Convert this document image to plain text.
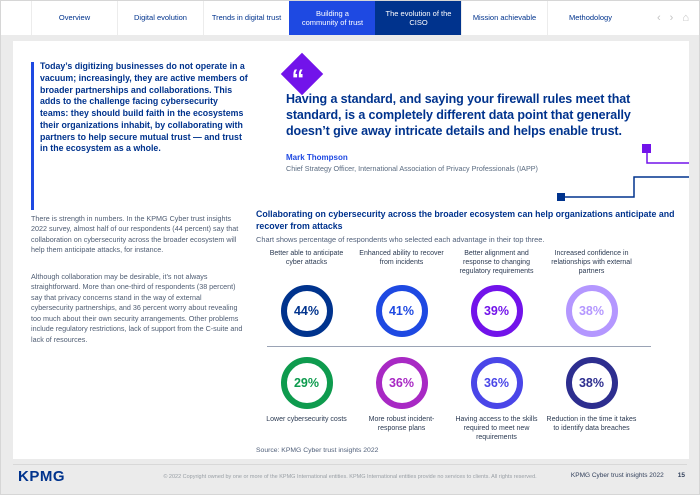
Overview	Digital evolution	Trends in digital trust
Building a community of trust
The evolution of the CISO
Mission achievable	Methodology	‹ › ⌂
Today’s digitizing businesses do not operate in a vacuum; increasingly, they are active members of broader partnerships and collaborations. This adds to the challenge facing cybersecurity teams: they should build faith in the ecosystems their organizations inhabit, by collaborating with partners to help secure mutual trust — and trust in the ecosystem as a whole.
There is strength in numbers. In the KPMG Cyber trust insights 2022 survey, almost half of our respondents (44 percent) say that collaboration on cybersecurity across the broader ecosystem will help them anticipate attacks, for instance.
Although collaboration may be desirable, it’s not always straightforward. More than one-third of respondents (38 percent) say that privacy concerns stand in the way of external cybersecurity partnerships, and 36 percent worry about revealing too much about their own security arrangements. Other problems include regulatory restrictions, lack of support from the C-suite and lack of resources.
“
Having a standard, and saying your firewall rules meet that standard, is a completely different data point that generally doesn’t give away intricate details and helps enable trust.
Mark Thompson
Chief Strategy Officer, International Association of Privacy Professionals (IAPP)
Collaborating on cybersecurity across the broader ecosystem can help organizations anticipate and recover from attacks
Chart shows percentage of respondents who selected each advantage in their top three.
Better able to anticipate cyber attacks
44%
Enhanced ability to recover from incidents
41%
Better alignment and response to changing regulatory requirements
39%
Increased confidence in relationships with external partners
38%
29%
Lower cybersecurity costs
36%
More robust incident-response plans
36%
Having access to the skills required to meet new requirements
38%
Reduction in the time it takes to identify data breaches
Source: KPMG Cyber trust insights 2022
KPMG	© 2022 Copyright owned by one or more of the KPMG International entities. KPMG International entities provide no services to clients. All rights reserved.	KPMG Cyber trust insights 2022 15
